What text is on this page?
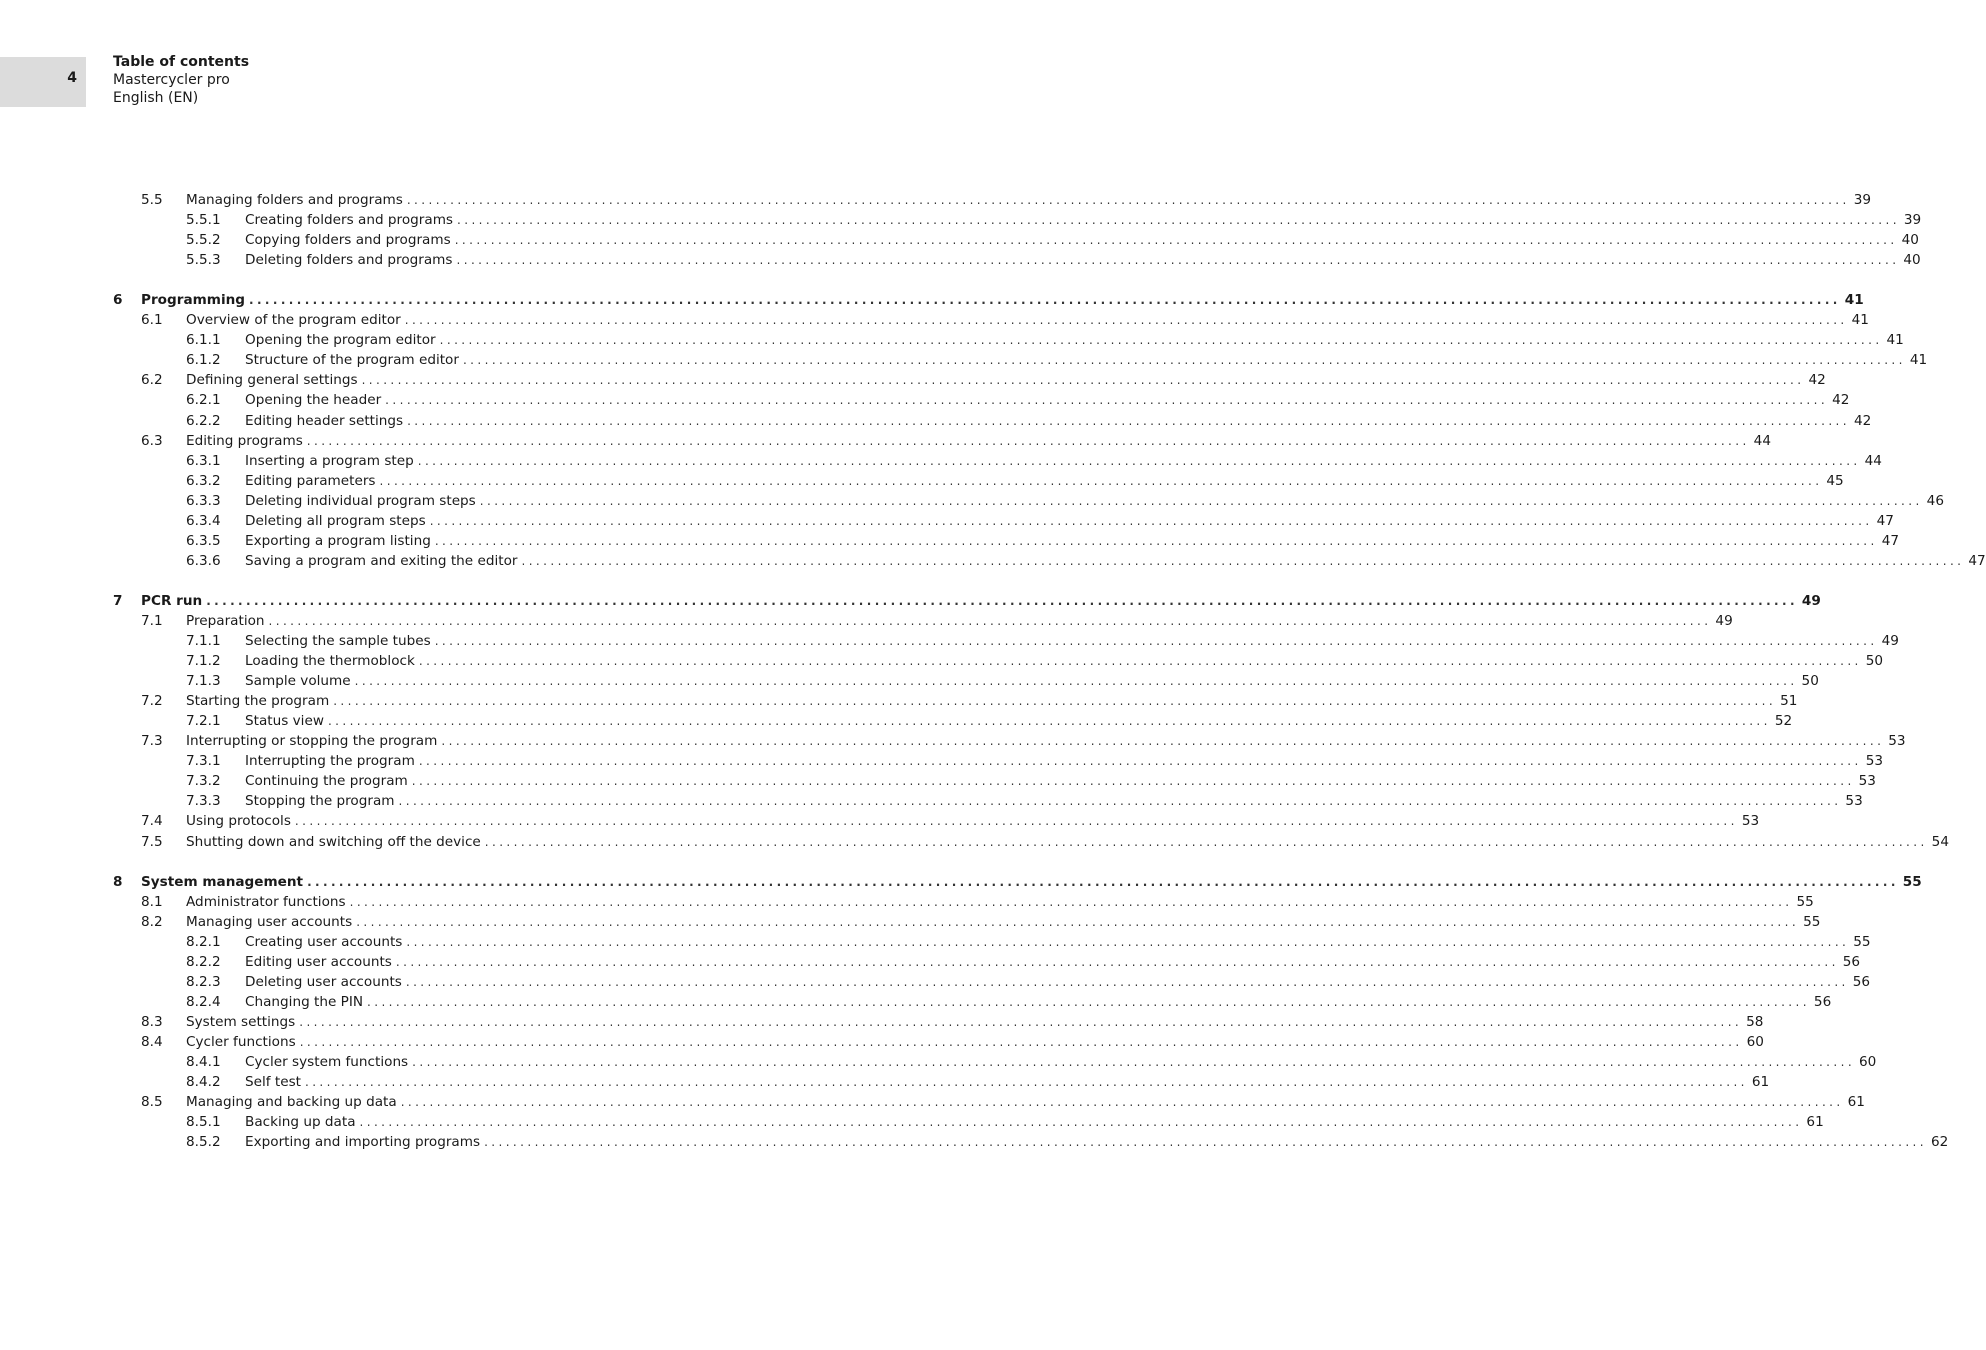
4
Table of contents
Mastercycler pro
English (EN)
5.5	Managing folders and programs ........................................................................................................................................................................................................ 39
5.5.1	Creating folders and programs ........................................................................................................................................................................................................ 39
5.5.2	Copying folders and programs ........................................................................................................................................................................................................ 40
5.5.3	Deleting folders and programs ........................................................................................................................................................................................................ 40
6	Programming ........................................................................................................................................................................................................ 41
6.1	Overview of the program editor ........................................................................................................................................................................................................ 41
6.1.1	Opening the program editor ........................................................................................................................................................................................................ 41
6.1.2	Structure of the program editor ........................................................................................................................................................................................................ 41
6.2	Defining general settings ........................................................................................................................................................................................................ 42
6.2.1	Opening the header ........................................................................................................................................................................................................ 42
6.2.2	Editing header settings ........................................................................................................................................................................................................ 42
6.3	Editing programs ........................................................................................................................................................................................................ 44
6.3.1	Inserting a program step ........................................................................................................................................................................................................ 44
6.3.2	Editing parameters ........................................................................................................................................................................................................ 45
6.3.3	Deleting individual program steps ........................................................................................................................................................................................................ 46
6.3.4	Deleting all program steps ........................................................................................................................................................................................................ 47
6.3.5	Exporting a program listing ........................................................................................................................................................................................................ 47
6.3.6	Saving a program and exiting the editor ........................................................................................................................................................................................................ 47
7	PCR run ........................................................................................................................................................................................................ 49
7.1	Preparation ........................................................................................................................................................................................................ 49
7.1.1	Selecting the sample tubes ........................................................................................................................................................................................................ 49
7.1.2	Loading the thermoblock ........................................................................................................................................................................................................ 50
7.1.3	Sample volume ........................................................................................................................................................................................................ 50
7.2	Starting the program ........................................................................................................................................................................................................ 51
7.2.1	Status view ........................................................................................................................................................................................................ 52
7.3	Interrupting or stopping the program ........................................................................................................................................................................................................ 53
7.3.1	Interrupting the program ........................................................................................................................................................................................................ 53
7.3.2	Continuing the program ........................................................................................................................................................................................................ 53
7.3.3	Stopping the program ........................................................................................................................................................................................................ 53
7.4	Using protocols ........................................................................................................................................................................................................ 53
7.5	Shutting down and switching off the device ........................................................................................................................................................................................................ 54
8	System management ........................................................................................................................................................................................................ 55
8.1	Administrator functions ........................................................................................................................................................................................................ 55
8.2	Managing user accounts ........................................................................................................................................................................................................ 55
8.2.1	Creating user accounts ........................................................................................................................................................................................................ 55
8.2.2	Editing user accounts ........................................................................................................................................................................................................ 56
8.2.3	Deleting user accounts ........................................................................................................................................................................................................ 56
8.2.4	Changing the PIN ........................................................................................................................................................................................................ 56
8.3	System settings ........................................................................................................................................................................................................ 58
8.4	Cycler functions ........................................................................................................................................................................................................ 60
8.4.1	Cycler system functions ........................................................................................................................................................................................................ 60
8.4.2	Self test ........................................................................................................................................................................................................ 61
8.5	Managing and backing up data ........................................................................................................................................................................................................ 61
8.5.1	Backing up data ........................................................................................................................................................................................................ 61
8.5.2	Exporting and importing programs ........................................................................................................................................................................................................ 62
